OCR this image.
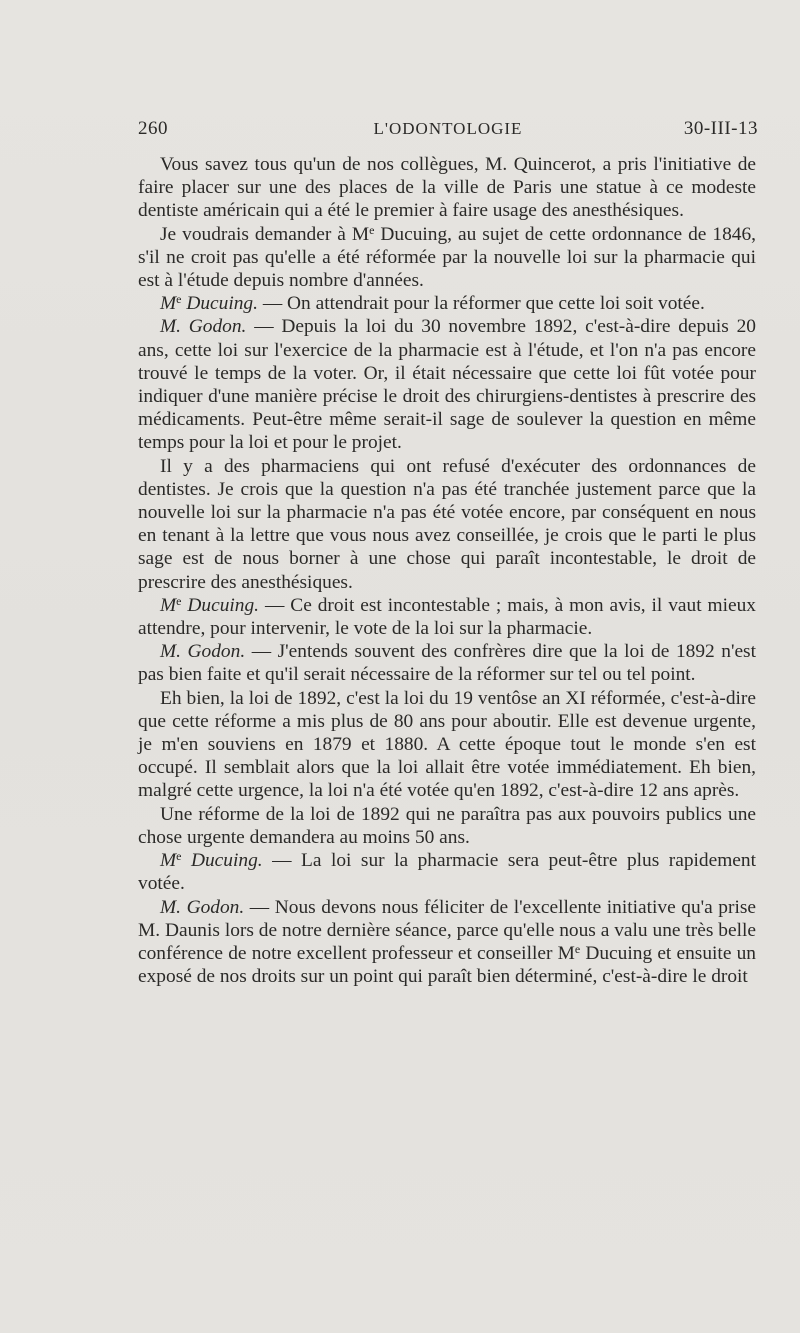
260	L'ODONTOLOGIE	30-III-13

Vous savez tous qu'un de nos collègues, M. Quincerot, a pris l'initiative de faire placer sur une des places de la ville de Paris une statue à ce modeste dentiste américain qui a été le premier à faire usage des anesthésiques.

Je voudrais demander à Me Ducuing, au sujet de cette ordonnance de 1846, s'il ne croit pas qu'elle a été réformée par la nouvelle loi sur la pharmacie qui est à l'étude depuis nombre d'années.

Me Ducuing. — On attendrait pour la réformer que cette loi soit votée.

M. Godon. — Depuis la loi du 30 novembre 1892, c'est-à-dire depuis 20 ans, cette loi sur l'exercice de la pharmacie est à l'étude, et l'on n'a pas encore trouvé le temps de la voter. Or, il était nécessaire que cette loi fût votée pour indiquer d'une manière précise le droit des chirurgiens-dentistes à prescrire des médicaments. Peut-être même serait-il sage de soulever la question en même temps pour la loi et pour le projet.

Il y a des pharmaciens qui ont refusé d'exécuter des ordonnances de dentistes. Je crois que la question n'a pas été tranchée justement parce que la nouvelle loi sur la pharmacie n'a pas été votée encore, par conséquent en nous en tenant à la lettre que vous nous avez conseillée, je crois que le parti le plus sage est de nous borner à une chose qui paraît incontestable, le droit de prescrire des anesthésiques.

Me Ducuing. — Ce droit est incontestable ; mais, à mon avis, il vaut mieux attendre, pour intervenir, le vote de la loi sur la pharmacie.

M. Godon. — J'entends souvent des confrères dire que la loi de 1892 n'est pas bien faite et qu'il serait nécessaire de la réformer sur tel ou tel point.

Eh bien, la loi de 1892, c'est la loi du 19 ventôse an XI réformée, c'est-à-dire que cette réforme a mis plus de 80 ans pour aboutir. Elle est devenue urgente, je m'en souviens en 1879 et 1880. A cette époque tout le monde s'en est occupé. Il semblait alors que la loi allait être votée immédiatement. Eh bien, malgré cette urgence, la loi n'a été votée qu'en 1892, c'est-à-dire 12 ans après.

Une réforme de la loi de 1892 qui ne paraîtra pas aux pouvoirs publics une chose urgente demandera au moins 50 ans.

Me Ducuing. — La loi sur la pharmacie sera peut-être plus rapidement votée.

M. Godon. — Nous devons nous féliciter de l'excellente initiative qu'a prise M. Daunis lors de notre dernière séance, parce qu'elle nous a valu une très belle conférence de notre excellent professeur et conseiller Me Ducuing et ensuite un exposé de nos droits sur un point qui paraît bien déterminé, c'est-à-dire le droit
